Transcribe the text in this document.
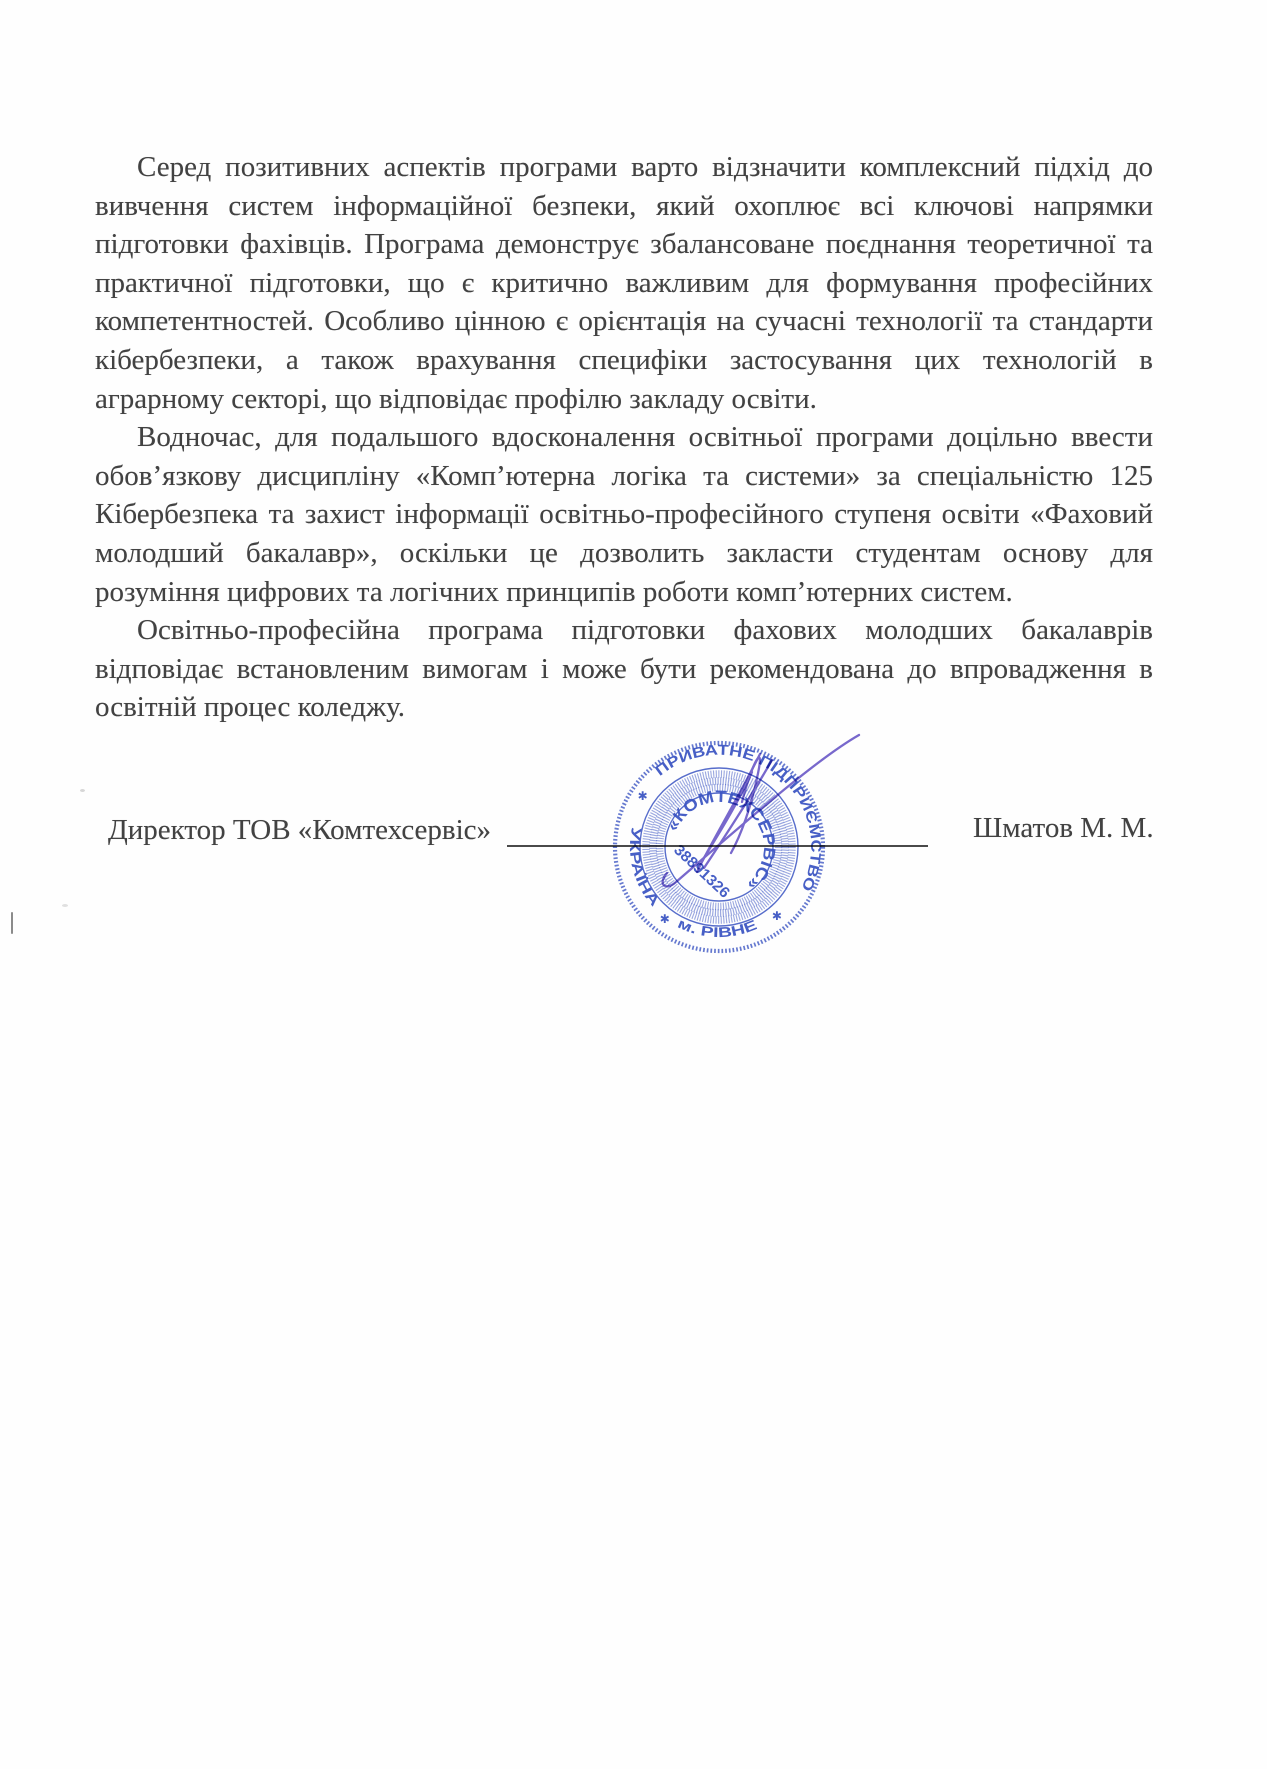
Серед позитивних аспектів програми варто відзначити комплексний підхід до вивчення систем інформаційної безпеки, який охоплює всі ключові напрямки підготовки фахівців. Програма демонструє збалансоване поєднання теоретичної та практичної підготовки, що є критично важливим для формування професійних компетентностей. Особливо цінною є орієнтація на сучасні технології та стандарти кібербезпеки, а також врахування специфіки застосування цих технологій в аграрному секторі, що відповідає профілю закладу освіти.

Водночас, для подальшого вдосконалення освітньої програми доцільно ввести обов’язкову дисципліну «Комп’ютерна логіка та системи» за спеціальністю 125 Кібербезпека та захист інформації освітньо-професійного ступеня освіти «Фаховий молодший бакалавр», оскільки це дозволить закласти студентам основу для розуміння цифрових та логічних принципів роботи комп’ютерних систем.

Освітньо-професійна програма підготовки фахових молодших бакалаврів відповідає встановленим вимогам і може бути рекомендована до впровадження в освітній процес коледжу.

Директор ТОВ «Комтехсервіс»	Шматов М. М.
ПРИВАТНЕ ПІДПРИЄМСТВО
УКРАЇНА
м. РІВНЕ
«КОМТЕХСЕРВІС»
38891326
✱
✱	✱
